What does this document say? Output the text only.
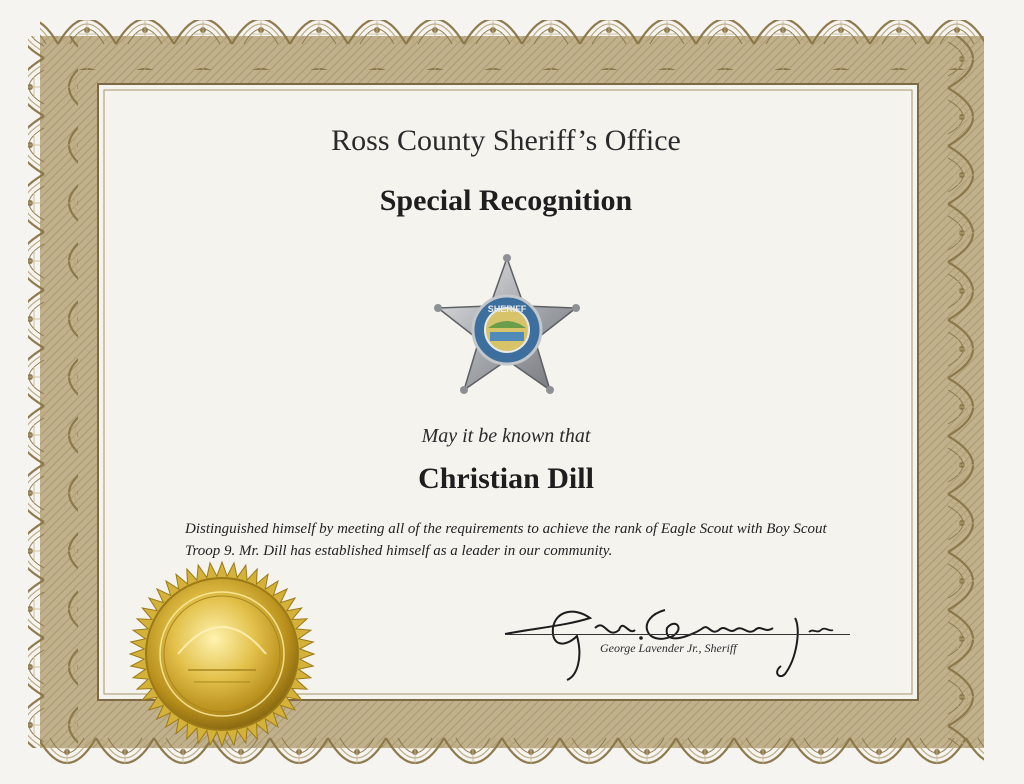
Ross County Sheriff’s Office
Special Recognition
SHERIFF
May it be known that
Christian Dill
Distinguished himself by meeting all of the requirements to achieve the rank of Eagle Scout with Boy Scout Troop 9. Mr. Dill has established himself as a leader in our community.
George Lavender Jr., Sheriff
